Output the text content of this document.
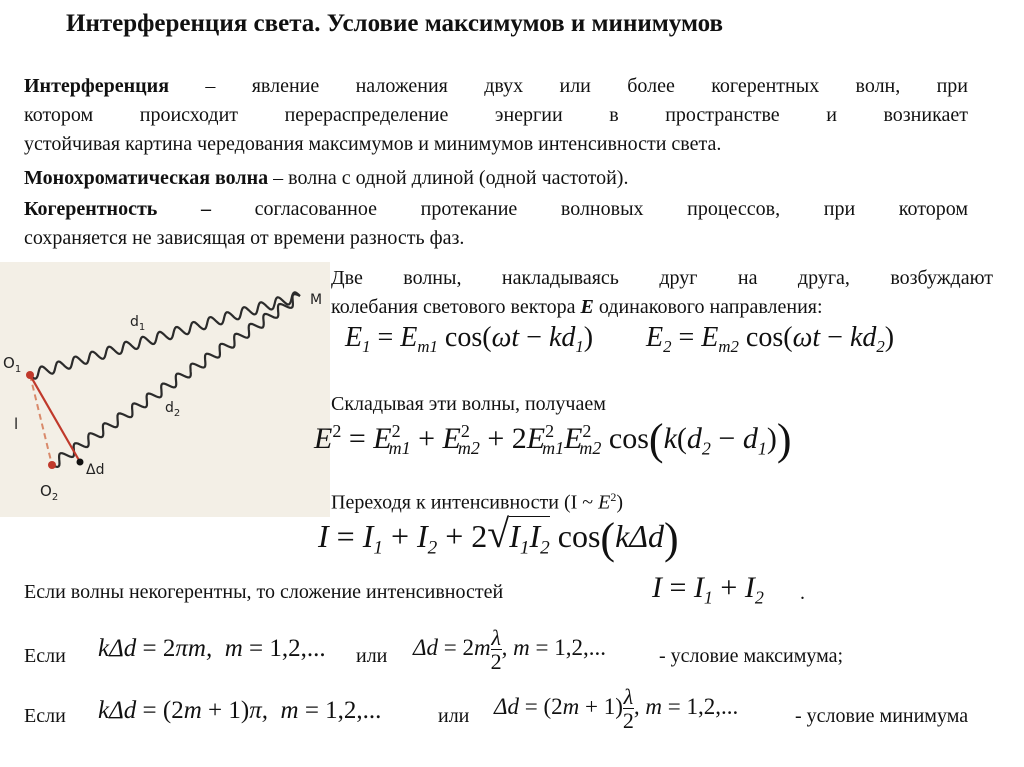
Интерференция света. Условие максимумов и минимумов
Интерференция – явление наложения двух или более когерентных волн, при
котором происходит перераспределение энергии в пространстве и возникает
устойчивая картина чередования максимумов и минимумов интенсивности света.
Монохроматическая волна – волна с одной длиной (одной частотой).
Когерентность – согласованное протекание волновых процессов, при котором
сохраняется не зависящая от времени разность фаз.
$O_1$
$O_2$
$d_1$
$d_2$
l
Δd
M
Две волны, накладываясь друг на друга, возбуждают
колебания светового вектора E одинакового направления:
$E_1 = E_{m1}$ $\cos(\omega t - kd_1)$ $E_2 = E_{m2}$ $\cos(\omega t - kd_2)$
Складывая эти волны, получаем
$E^2 = E^2_{m1} + E^2_{m2} + 2E^2_{m1}E^2_{m2}$ $\cos(k(d_2 - d_1))$
Переходя к интенсивности (I ~ $E^2$)
$I = I_1 + I_2 + 2√I_1I_2$ cos(kΔd)
Если волны некогерентны, то сложение интенсивностей	$I = I_1 + I_2$ .
Если kΔd = 2πm,  m = 1,2,... или $\Delta d = 2m \frac{\lambda}{2}$ , m = 1,2,...	- условие максимума;
Если kΔd = (2m + 1)π,  m = 1,2,...	или $\Delta d = (2m + 1) \frac{\lambda}{2}$ , m = 1,2,...	- условие минимума
